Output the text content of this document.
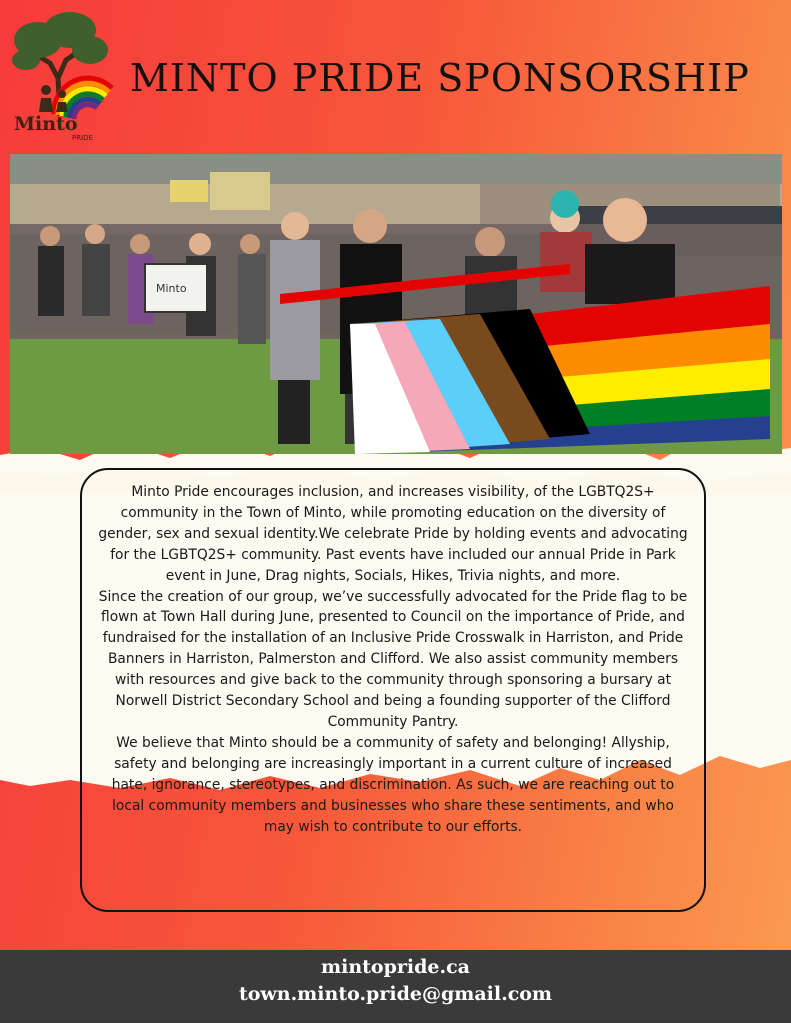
Minto
PRIDE
MINTO PRIDE SPONSORSHIP
Minto

Minto Pride encourages inclusion, and increases visibility, of the LGBTQ2S+ community in the Town of Minto, while promoting education on the diversity of gender, sex and sexual identity.We celebrate Pride by holding events and advocating for the LGBTQ2S+ community. Past events have included our annual Pride in Park event in June, Drag nights, Socials, Hikes, Trivia nights, and more.

Since the creation of our group, we’ve successfully advocated for the Pride flag to be flown at Town Hall during June, presented to Council on the importance of Pride, and fundraised for the installation of an Inclusive Pride Crosswalk in Harriston, and Pride Banners in Harriston, Palmerston and Clifford. We also assist community members with resources and give back to the community through sponsoring a bursary at Norwell District Secondary School and being a founding supporter of the Clifford Community Pantry.

We believe that Minto should be a community of safety and belonging! Allyship, safety and belonging are increasingly important in a current culture of increased hate, ignorance, stereotypes, and discrimination. As such, we are reaching out to local community members and businesses who share these sentiments, and who may wish to contribute to our efforts.

mintopride.ca
town.minto.pride@gmail.com
